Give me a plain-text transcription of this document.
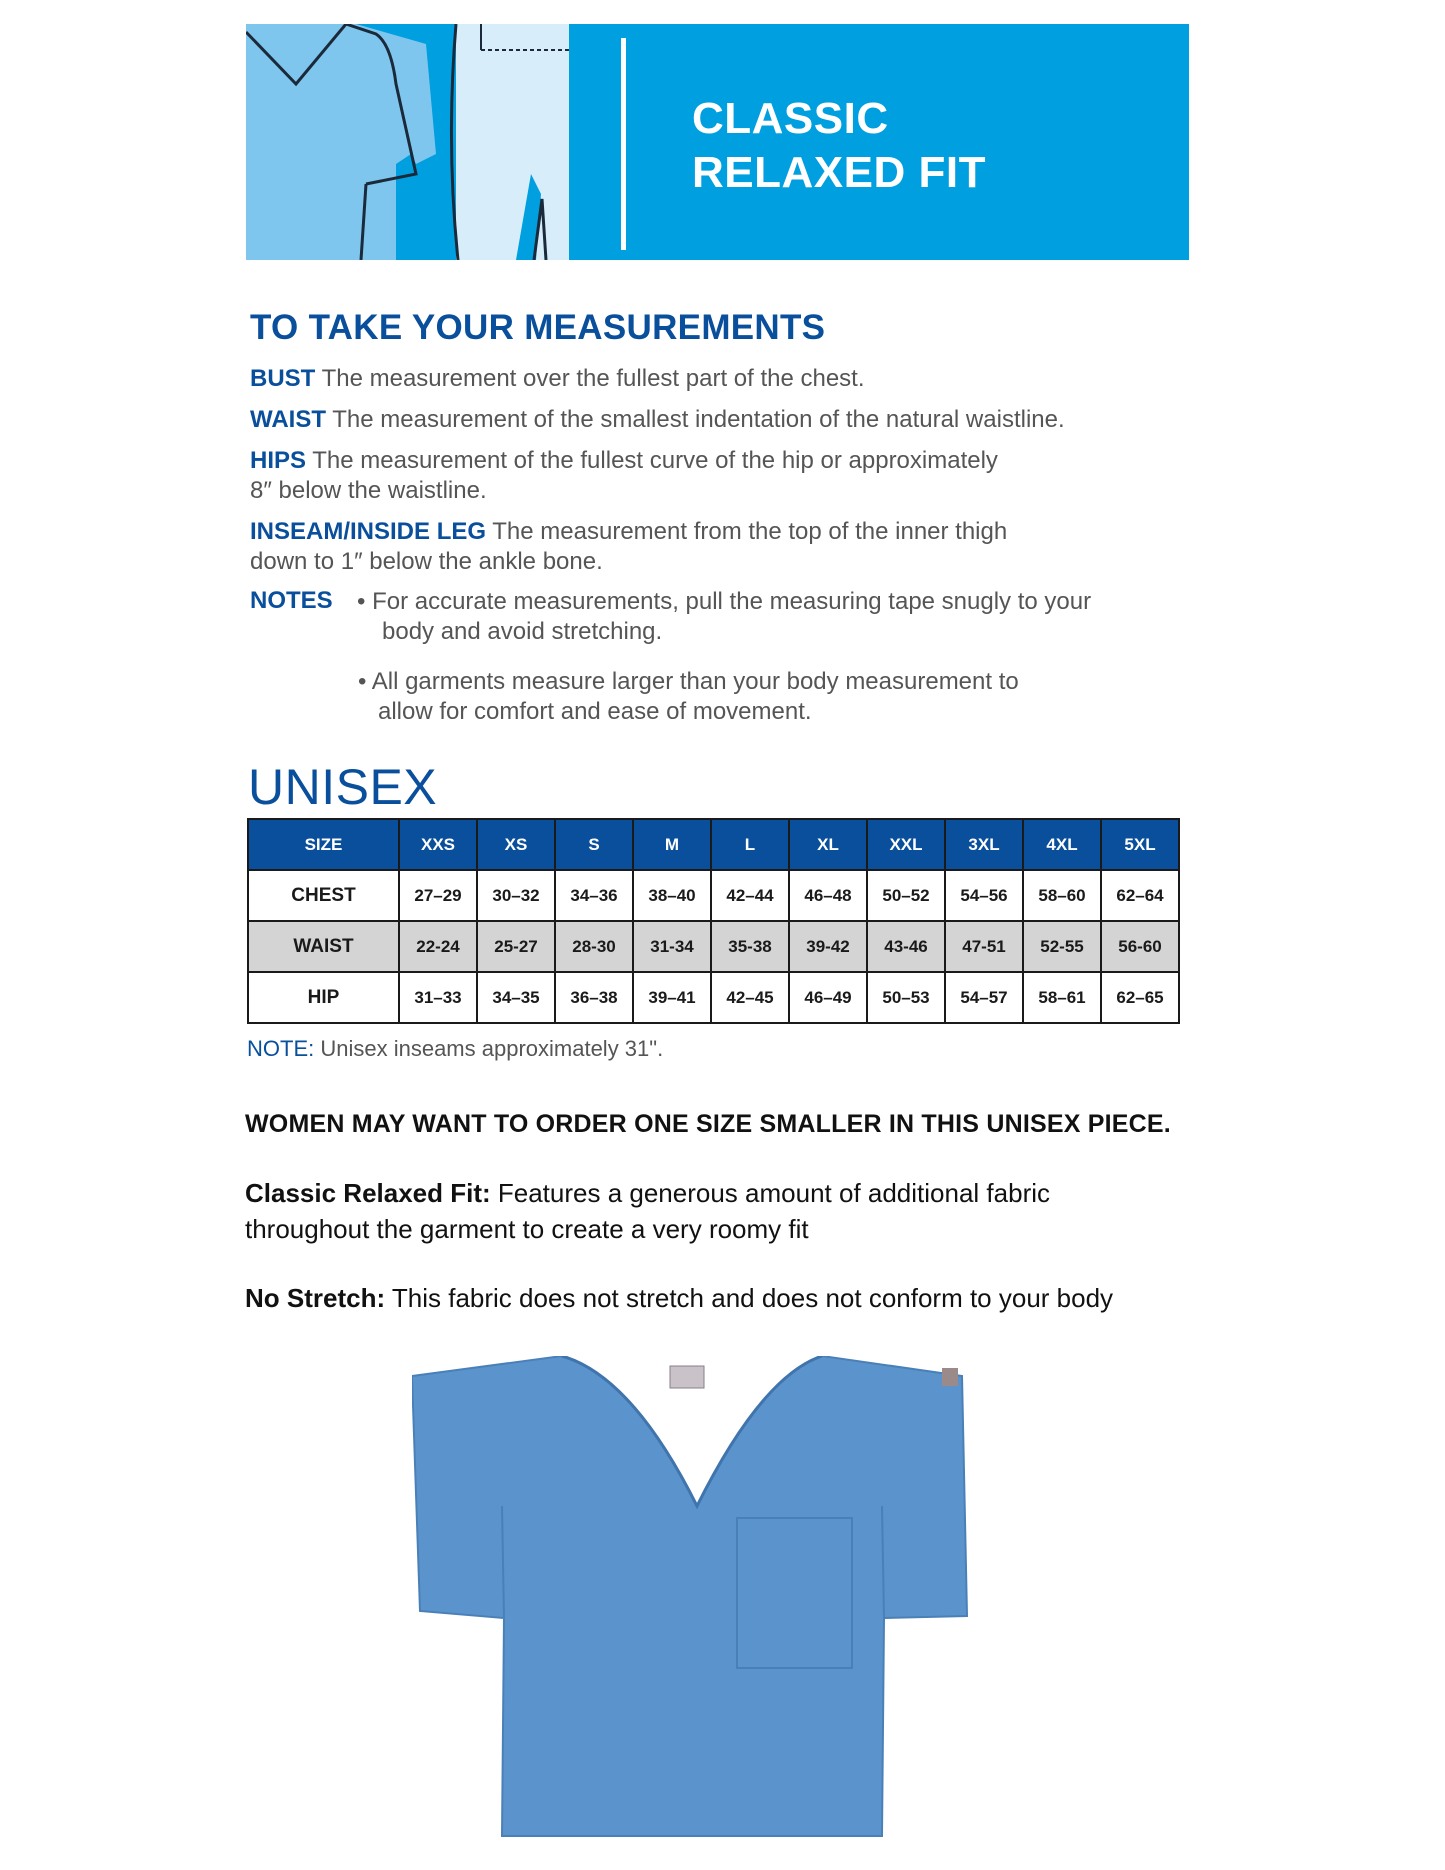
CLASSIC
RELAXED FIT
TO TAKE YOUR MEASUREMENTS
BUST The measurement over the fullest part of the chest.
WAIST The measurement of the smallest indentation of the natural waistline.
HIPS The measurement of the fullest curve of the hip or approximately
8″ below the waistline.
INSEAM/INSIDE LEG The measurement from the top of the inner thigh
down to 1″ below the ankle bone.
NOTES • For accurate measurements, pull the measuring tape snugly to your
body and avoid stretching.
• All garments measure larger than your body measurement to
allow for comfort and ease of movement.
UNISEX
SIZE	XXS	XS	S	M	L	XL	XXL	3XL	4XL	5XL
CHEST	27–29	30–32	34–36	38–40	42–44	46–48	50–52	54–56	58–60	62–64
WAIST	22-24	25-27	28-30	31-34	35-38	39-42	43-46	47-51	52-55	56-60
HIP	31–33	34–35	36–38	39–41	42–45	46–49	50–53	54–57	58–61	62–65
NOTE: Unisex inseams approximately 31".
WOMEN MAY WANT TO ORDER ONE SIZE SMALLER IN THIS UNISEX PIECE.
Classic Relaxed Fit: Features a generous amount of additional fabric
throughout the garment to create a very roomy fit
No Stretch: This fabric does not stretch and does not conform to your body
